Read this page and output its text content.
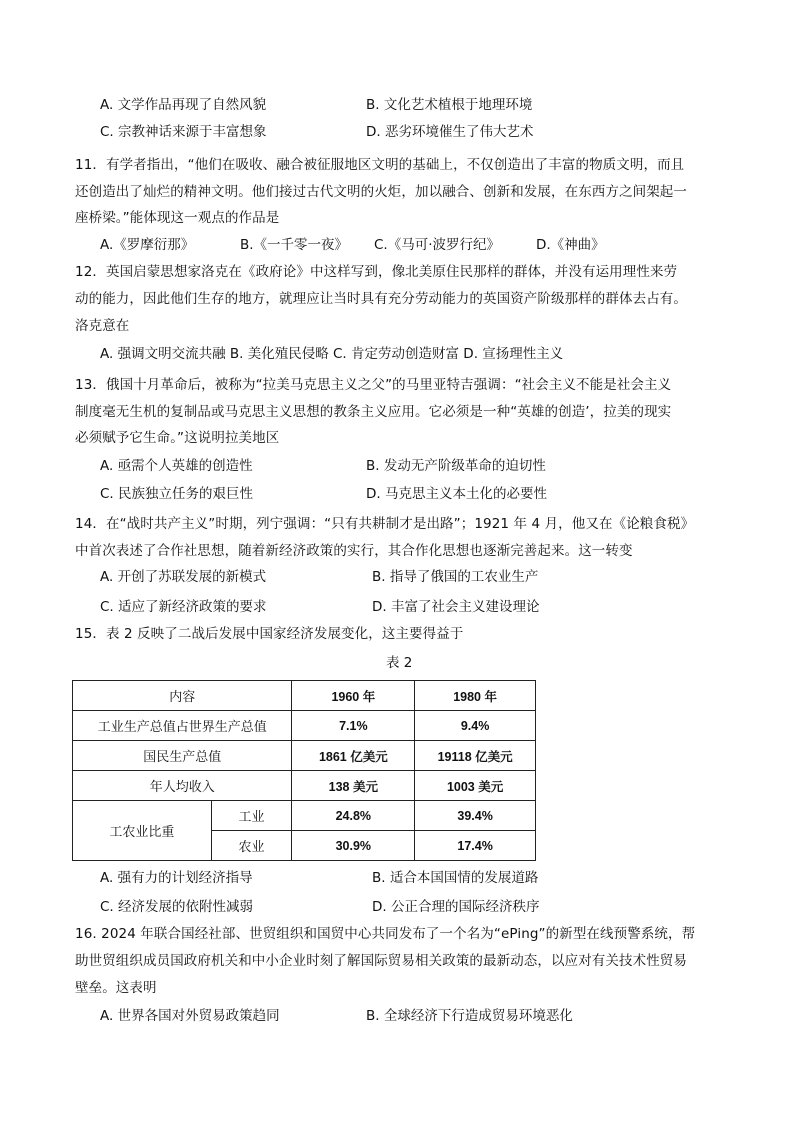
A. 文学作品再现了自然风貌	B. 文化艺术植根于地理环境
C. 宗教神话来源于丰富想象	D. 恶劣环境催生了伟大艺术
11．有学者指出，“他们在吸收、融合被征服地区文明的基础上，不仅创造出了丰富的物质文明，而且
还创造出了灿烂的精神文明。他们接过古代文明的火炬，加以融合、创新和发展，在东西方之间架起一
座桥梁。”能体现这一观点的作品是
A.《罗摩衍那》	B.《一千零一夜》 C.《马可·波罗行纪》	D.《神曲》
12．英国启蒙思想家洛克在《政府论》中这样写到，像北美原住民那样的群体，并没有运用理性来劳
动的能力，因此他们生存的地方，就理应让当时具有充分劳动能力的英国资产阶级那样的群体去占有。
洛克意在
A. 强调文明交流共融 B. 美化殖民侵略 C. 肯定劳动创造财富 D. 宣扬理性主义
13．俄国十月革命后，被称为“拉美马克思主义之父”的马里亚特吉强调：“社会主义不能是社会主义
制度毫无生机的复制品或马克思主义思想的教条主义应用。它必须是一种“英雄的创造’，拉美的现实
必须赋予它生命。”这说明拉美地区
A. 亟需个人英雄的创造性	B. 发动无产阶级革命的迫切性
C. 民族独立任务的艰巨性	D. 马克思主义本土化的必要性
14．在“战时共产主义”时期，列宁强调：“只有共耕制才是出路”；1921 年 4 月，他又在《论粮食税》
中首次表述了合作社思想，随着新经济政策的实行，其合作化思想也逐渐完善起来。这一转变
A. 开创了苏联发展的新模式	B. 指导了俄国的工农业生产
C. 适应了新经济政策的要求	D. 丰富了社会主义建设理论
15．表 2 反映了二战后发展中国家经济发展变化，这主要得益于
表 2
内容		1960 年	1980 年
工业生产总值占世界生产总值		7.1%	9.4%
国民生产总值		1861 亿美元	19118 亿美元
年人均收入		138 美元	1003 美元
工农业比重	工业	24.8%	39.4%
	农业	30.9%	17.4%
A. 强有力的计划经济指导	B. 适合本国国情的发展道路
C. 经济发展的依附性减弱	D. 公正合理的国际经济秩序
16. 2024 年联合国经社部、世贸组织和国贸中心共同发布了一个名为“ePing”的新型在线预警系统，帮
助世贸组织成员国政府机关和中小企业时刻了解国际贸易相关政策的最新动态，以应对有关技术性贸易
壁垒。这表明
A. 世界各国对外贸易政策趋同	B. 全球经济下行造成贸易环境恶化
